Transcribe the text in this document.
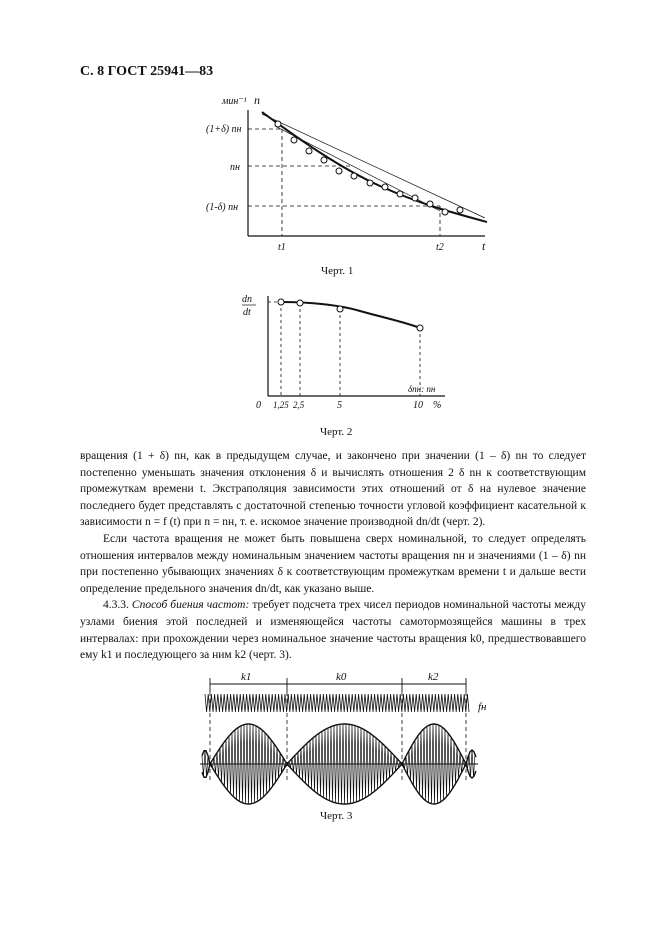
С. 8 ГОСТ 25941—83
мин⁻¹ n
(1+δ) nн
nн
(1-δ) nн
t1	t2	t
Черт. 1
dn
dt
δnн: nн
0 1,25 2,5	5	10 %
Черт. 2

вращения (1 + δ) nн, как в предыдущем случае, и закончено при значении (1 – δ) nн то следует постепенно уменьшать значения отклонения δ и вычислять отношения 2 δ nн к соответствующим промежуткам времени t. Экстраполяция зависимости этих отношений от δ на нулевое значение последнего будет представлять с достаточной степенью точности угловой коэффициент касательной к зависимости n = f (t) при n = nн, т. е. искомое значение производной dn/dt (черт. 2).

Если частота вращения не может быть повышена сверх номинальной, то следует определять отношения интервалов между номинальным значением частоты вращения nн и значениями (1 – δ) nн при постепенно убывающих значениях δ к соответствующим промежуткам времени t и дальше вести определение предельного значения dn/dt, как указано выше.

4.3.3. Способ биения частот: требует подсчета трех чисел периодов номинальной частоты между узлами биения этой последней и изменяющейся частоты самотормозящейся машины в трех интервалах: при прохождении через номинальное значение частоты вращения k0, предшествовавшего ему k1 и последующего за ним k2 (черт. 3).

k1	k0	k2
fн
Черт. 3
